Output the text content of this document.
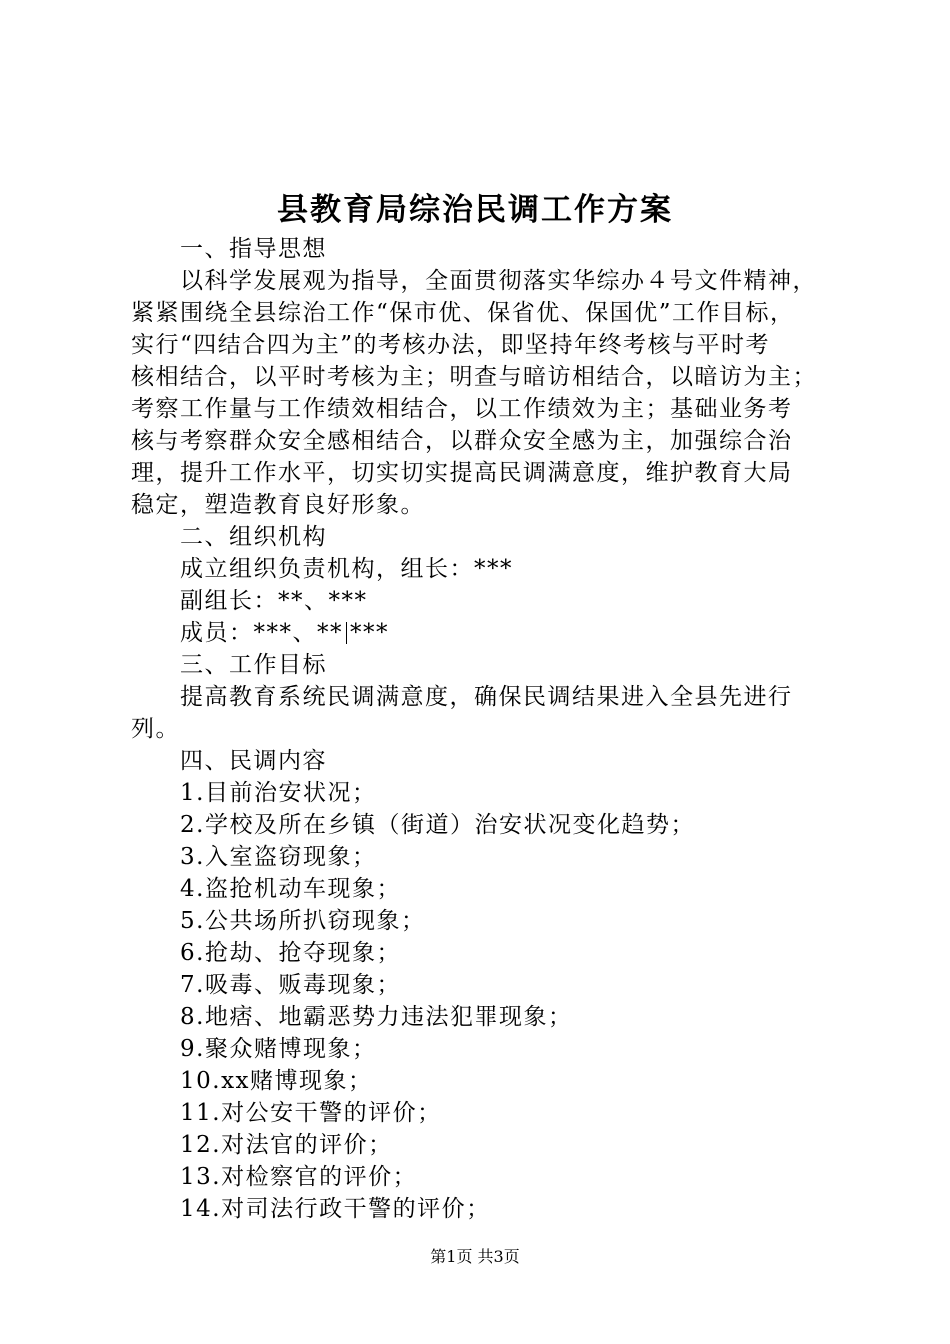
县教育局综治民调工作方案
一、指导思想
以科学发展观为指导，全面贯彻落实华综办４号文件精神，
紧紧围绕全县综治工作“保市优、保省优、保国优”工作目标，
实行“四结合四为主”的考核办法，即坚持年终考核与平时考
核相结合，以平时考核为主；明查与暗访相结合，以暗访为主；
考察工作量与工作绩效相结合，以工作绩效为主；基础业务考
核与考察群众安全感相结合，以群众安全感为主，加强综合治
理，提升工作水平，切实切实提高民调满意度，维护教育大局
稳定，塑造教育良好形象。
二、组织机构
成立组织负责机构，组长：***
副组长：**、***
成员：***、** ***
三、工作目标
提高教育系统民调满意度，确保民调结果进入全县先进行
列。
四、民调内容
1.目前治安状况；
2.学校及所在乡镇（街道）治安状况变化趋势；
3.入室盗窃现象；
4.盗抢机动车现象；
5.公共场所扒窃现象；
6.抢劫、抢夺现象；
7.吸毒、贩毒现象；
8.地痞、地霸恶势力违法犯罪现象；
9.聚众赌博现象；
10.xx赌博现象；
11.对公安干警的评价；
12.对法官的评价；
13.对检察官的评价；
14.对司法行政干警的评价；
第1页 共3页
